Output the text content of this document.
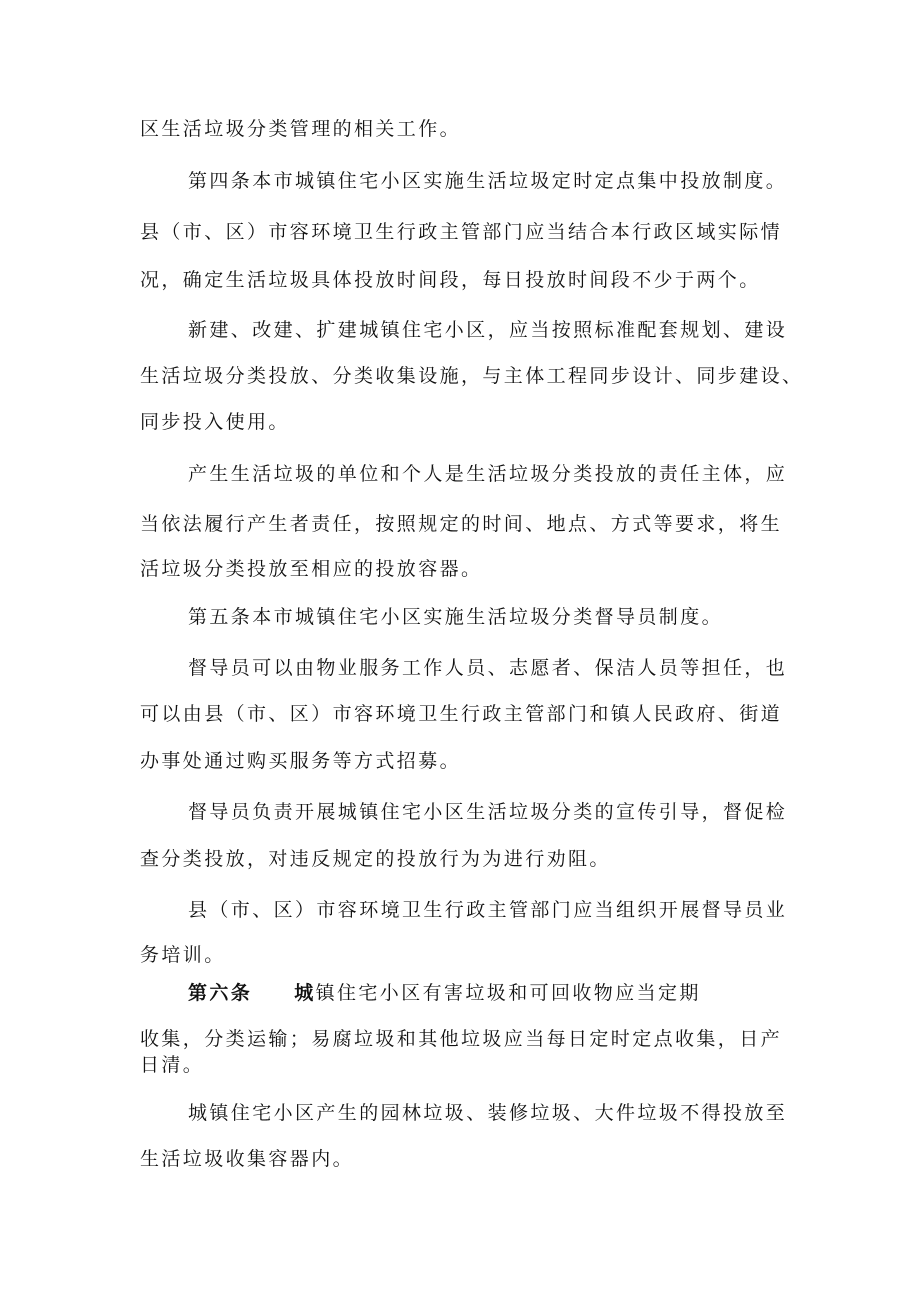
区生活垃圾分类管理的相关工作。
第四条本市城镇住宅小区实施生活垃圾定时定点集中投放制度。
县（市、区）市容环境卫生行政主管部门应当结合本行政区域实际情
况，确定生活垃圾具体投放时间段，每日投放时间段不少于两个。
新建、改建、扩建城镇住宅小区，应当按照标准配套规划、建设
生活垃圾分类投放、分类收集设施，与主体工程同步设计、同步建设、
同步投入使用。
产生生活垃圾的单位和个人是生活垃圾分类投放的责任主体，应
当依法履行产生者责任，按照规定的时间、地点、方式等要求，将生
活垃圾分类投放至相应的投放容器。
第五条本市城镇住宅小区实施生活垃圾分类督导员制度。
督导员可以由物业服务工作人员、志愿者、保洁人员等担任，也
可以由县（市、区）市容环境卫生行政主管部门和镇人民政府、街道
办事处通过购买服务等方式招募。
督导员负责开展城镇住宅小区生活垃圾分类的宣传引导，督促检
查分类投放，对违反规定的投放行为为进行劝阻。
县（市、区）市容环境卫生行政主管部门应当组织开展督导员业
务培训。
第六条 城镇住宅小区有害垃圾和可回收物应当定期
收集，分类运输；易腐垃圾和其他垃圾应当每日定时定点收集，日产
日清。
城镇住宅小区产生的园林垃圾、装修垃圾、大件垃圾不得投放至
生活垃圾收集容器内。
